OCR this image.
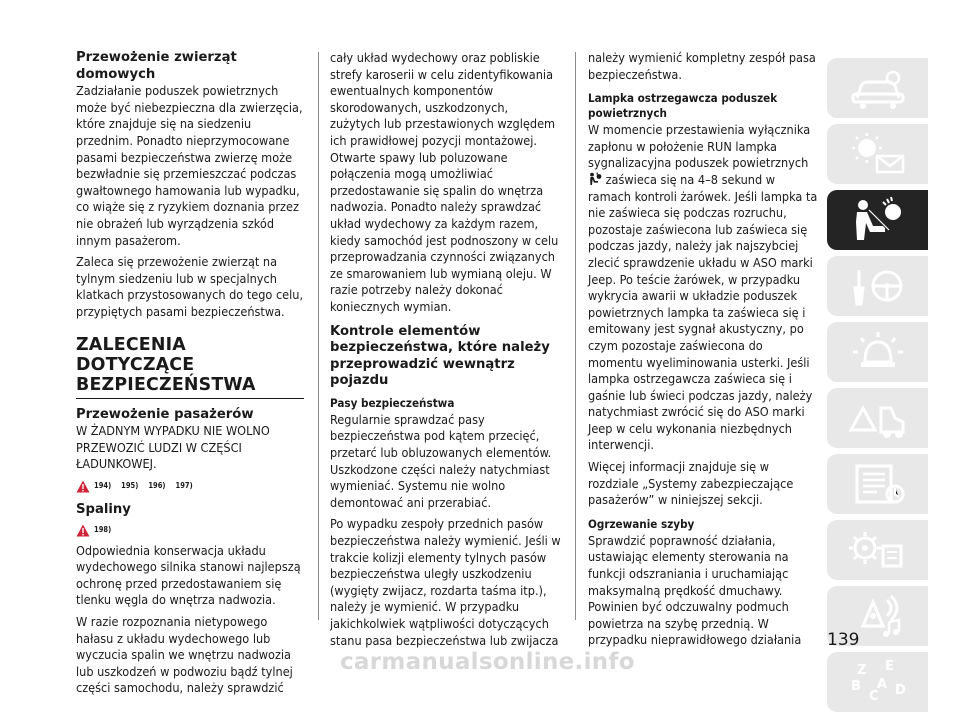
Przewożenie zwierząt domowych

Zadziałanie poduszek powietrznych może być niebezpieczna dla zwierzęcia, które znajduje się na siedzeniu przednim. Ponadto nieprzymocowane pasami bezpieczeństwa zwierzę może bezwładnie się przemieszczać podczas gwałtownego hamowania lub wypadku, co wiąże się z ryzykiem doznania przez nie obrażeń lub wyrządzenia szkód innym pasażerom.

Zaleca się przewożenie zwierząt na tylnym siedzeniu lub w specjalnych klatkach przystosowanych do tego celu, przypiętych pasami bezpieczeństwa.

ZALECENIA DOTYCZĄCE
BEZPIECZEŃSTWA
Przewożenie pasażerów

W ŻADNYM WYPADKU NIE WOLNO PRZEWOZIĆ LUDZI W CZĘŚCI ŁADUNKOWEJ.

194) 195) 196) 197)
Spaliny
198)

Odpowiednia konserwacja układu wydechowego silnika stanowi najlepszą ochronę przed przedostawaniem się tlenku węgla do wnętrza nadwozia.

W razie rozpoznania nietypowego hałasu z układu wydechowego lub wyczucia spalin we wnętrzu nadwozia lub uszkodzeń w podwoziu bądź tylnej części samochodu, należy sprawdzić

cały układ wydechowy oraz pobliskie strefy karoserii w celu zidentyfikowania ewentualnych komponentów skorodowanych, uszkodzonych, zużytych lub przestawionych względem ich prawidłowej pozycji montażowej. Otwarte spawy lub poluzowane połączenia mogą umożliwiać przedostawanie się spalin do wnętrza nadwozia. Ponadto należy sprawdzać układ wydechowy za każdym razem, kiedy samochód jest podnoszony w celu przeprowadzania czynności związanych ze smarowaniem lub wymianą oleju. W razie potrzeby należy dokonać koniecznych wymian.

Kontrole elementów bezpieczeństwa, które należy przeprowadzić wewnątrz pojazdu
Pasy bezpieczeństwa

Regularnie sprawdzać pasy bezpieczeństwa pod kątem przecięć, przetarć lub obluzowanych elementów. Uszkodzone części należy natychmiast wymieniać. Systemu nie wolno demontować ani przerabiać.

Po wypadku zespoły przednich pasów bezpieczeństwa należy wymienić. Jeśli w trakcie kolizji elementy tylnych pasów bezpieczeństwa uległy uszkodzeniu (wygięty zwijacz, rozdarta taśma itp.), należy je wymienić. W przypadku jakichkolwiek wątpliwości dotyczących stanu pasa bezpieczeństwa lub zwijacza

należy wymienić kompletny zespół pasa bezpieczeństwa.

Lampka ostrzegawcza poduszek powietrznych

W momencie przestawienia wyłącznika zapłonu w położenie RUN lampka sygnalizacyjna poduszek powietrznych
zaświeca się na 4–8 sekund w ramach kontroli żarówek. Jeśli lampka ta nie zaświeca się podczas rozruchu, pozostaje zaświecona lub zaświeca się podczas jazdy, należy jak najszybciej zlecić sprawdzenie układu w ASO marki Jeep. Po teście żarówek, w przypadku wykrycia awarii w układzie poduszek powietrznych lampka ta zaświeca się i emitowany jest sygnał akustyczny, po czym pozostaje zaświecona do momentu wyeliminowania usterki. Jeśli lampka ostrzegawcza zaświeca się i gaśnie lub świeci podczas jazdy, należy natychmiast zwrócić się do ASO marki Jeep w celu wykonania niezbędnych interwencji.

Więcej informacji znajduje się w rozdziale „Systemy zabezpieczające pasażerów” w niniejszej sekcji.

Ogrzewanie szyby

Sprawdzić poprawność działania, ustawiając elementy sterowania na funkcji odszraniania i uruchamiając maksymalną prędkość dmuchawy. Powinien być odczuwalny podmuch powietrza na szybę przednią. W przypadku nieprawidłowego działania

Z E
B
C
A D
139
carmanualsonline.info
